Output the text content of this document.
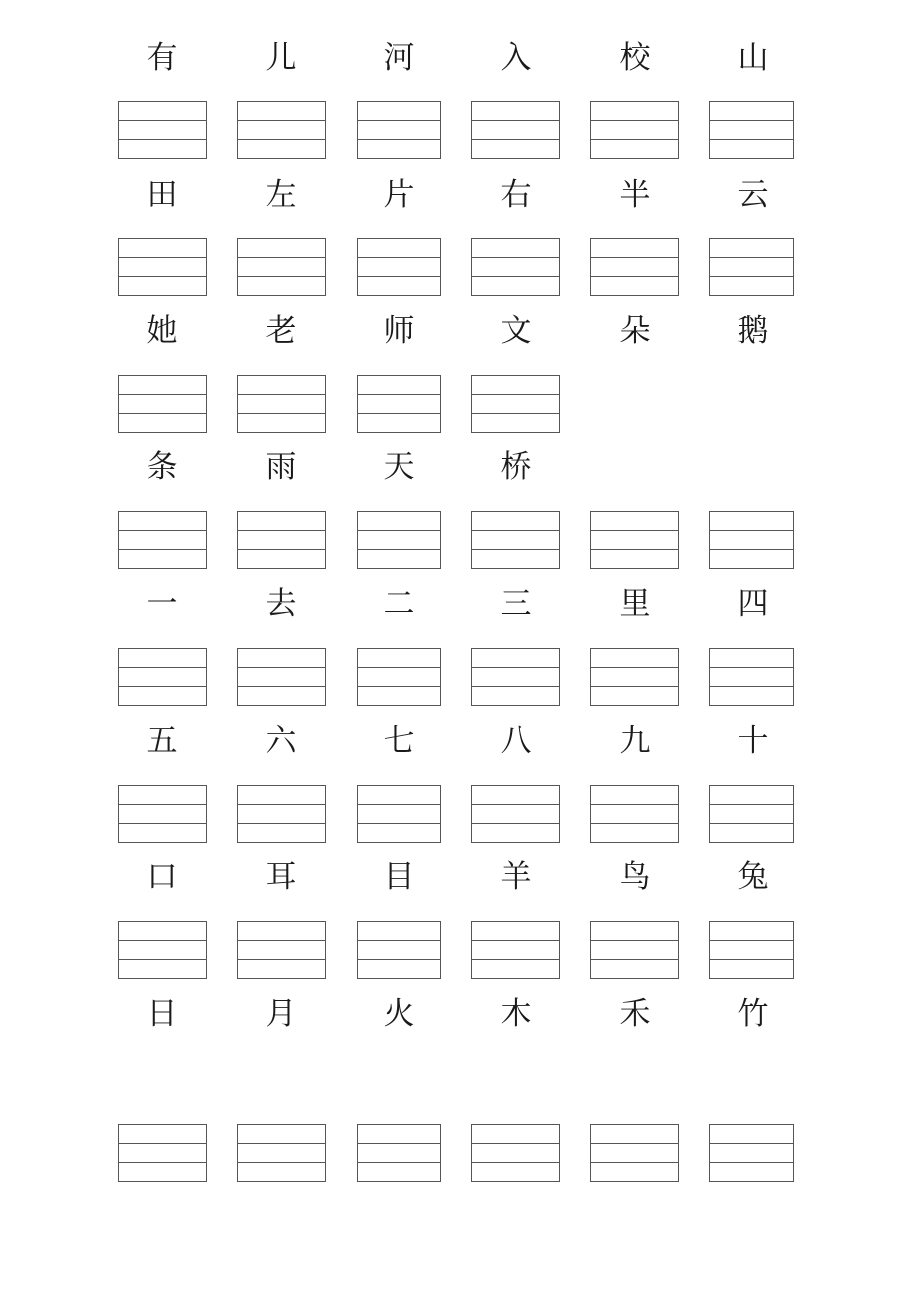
有	儿	河	入	校	山
田	左	片	右	半	云
她	老	师	文	朵	鹅
条	雨	天	桥
一	去	二	三	里	四
五	六	七	八	九	十
口	耳	目	羊	鸟	兔
日	月	火	木	禾	竹
